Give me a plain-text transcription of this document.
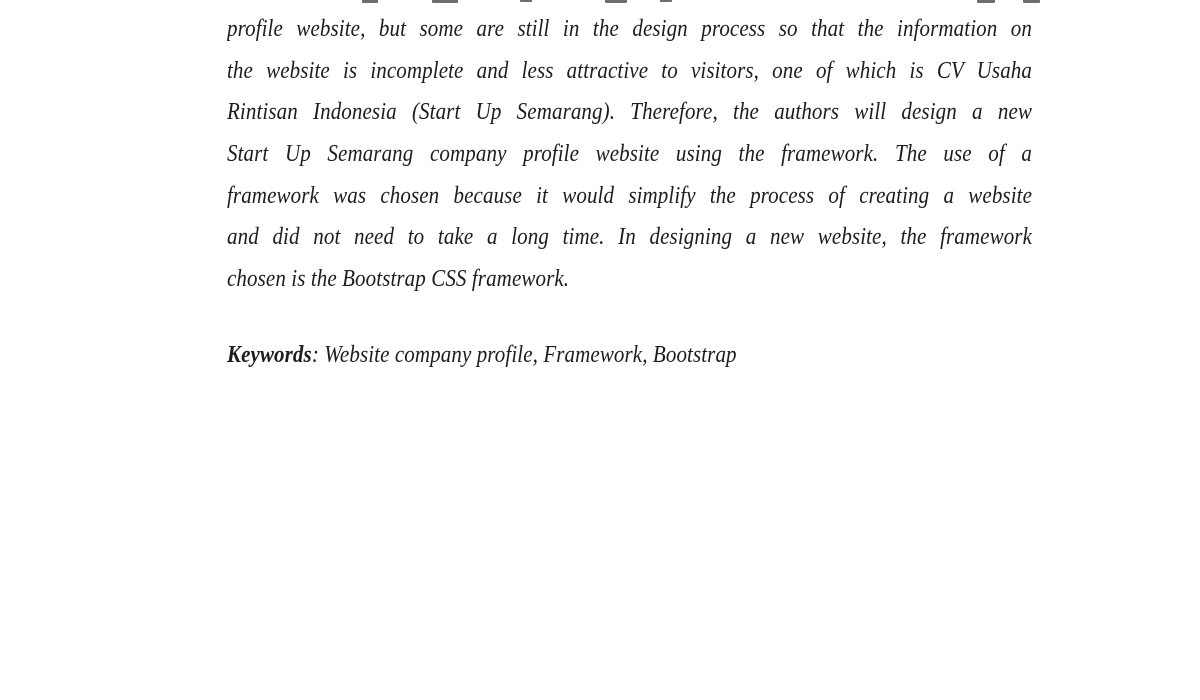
profile website, but some are still in the design process so that the information on
the website is incomplete and less attractive to visitors, one of which is CV Usaha
Rintisan Indonesia (Start Up Semarang). Therefore, the authors will design a new
Start Up Semarang company profile website using the framework. The use of a
framework was chosen because it would simplify the process of creating a website
and did not need to take a long time. In designing a new website, the framework
chosen is the Bootstrap CSS framework.
Keywords: Website company profile, Framework, Bootstrap
